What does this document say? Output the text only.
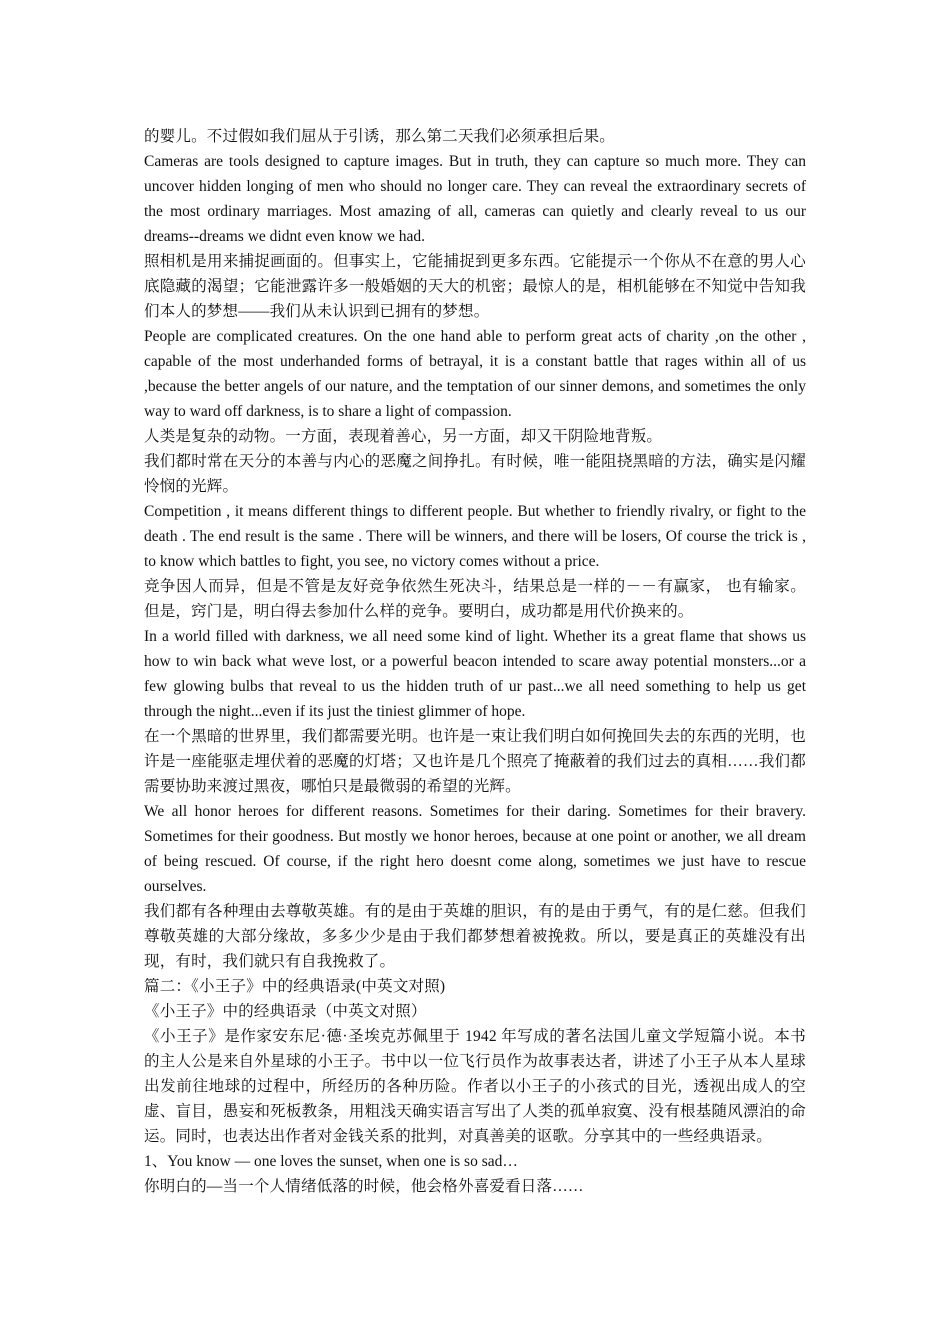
的婴儿。不过假如我们屈从于引诱，那么第二天我们必须承担后果。

Cameras are tools designed to capture images. But in truth, they can capture so much more. They can uncover hidden longing of men who should no longer care. They can reveal the extraordinary secrets of the most ordinary marriages. Most amazing of all, cameras can quietly and clearly reveal to us our dreams--dreams we didnt even know we had.

照相机是用来捕捉画面的。但事实上，它能捕捉到更多东西。它能提示一个你从不在意的男人心底隐藏的渴望；它能泄露许多一般婚姻的天大的机密；最惊人的是，相机能够在不知觉中告知我们本人的梦想——我们从未认识到已拥有的梦想。

People are complicated creatures. On the one hand able to perform great acts of charity ,on the other , capable of the most underhanded forms of betrayal, it is a constant battle that rages within all of us ,because the better angels of our nature, and the temptation of our sinner demons, and sometimes the only way to ward off darkness, is to share a light of compassion.

人类是复杂的动物。一方面，表现着善心，另一方面，却又干阴险地背叛。

我们都时常在天分的本善与内心的恶魔之间挣扎。有时候，唯一能阻挠黑暗的方法，确实是闪耀怜悯的光辉。

Competition , it means different things to different people. But whether to friendly rivalry, or fight to the death . The end result is the same . There will be winners, and there will be losers, Of course the trick is , to know which battles to fight, you see, no victory comes without a price.

竞争因人而异，但是不管是友好竞争依然生死决斗，结果总是一样的－－有赢家， 也有输家。但是，窍门是，明白得去参加什么样的竞争。要明白，成功都是用代价换来的。

In a world filled with darkness, we all need some kind of light. Whether its a great flame that shows us how to win back what weve lost, or a powerful beacon intended to scare away potential monsters...or a few glowing bulbs that reveal to us the hidden truth of ur past...we all need something to help us get through the night...even if its just the tiniest glimmer of hope.

在一个黑暗的世界里，我们都需要光明。也许是一束让我们明白如何挽回失去的东西的光明，也许是一座能驱走埋伏着的恶魔的灯塔；又也许是几个照亮了掩蔽着的我们过去的真相……我们都需要协助来渡过黑夜，哪怕只是最微弱的希望的光辉。

We all honor heroes for different reasons. Sometimes for their daring. Sometimes for their bravery. Sometimes for their goodness. But mostly we honor heroes, because at one point or another, we all dream of being rescued. Of course, if the right hero doesnt come along, sometimes we just have to rescue ourselves.

我们都有各种理由去尊敬英雄。有的是由于英雄的胆识，有的是由于勇气，有的是仁慈。但我们尊敬英雄的大部分缘故，多多少少是由于我们都梦想着被挽救。所以，要是真正的英雄没有出现，有时，我们就只有自我挽救了。

篇二：《小王子》中的经典语录(中英文对照)

《小王子》中的经典语录（中英文对照）

《小王子》是作家安东尼·德·圣埃克苏佩里于 1942 年写成的著名法国儿童文学短篇小说。本书的主人公是来自外星球的小王子。书中以一位飞行员作为故事表达者，讲述了小王子从本人星球出发前往地球的过程中，所经历的各种历险。作者以小王子的小孩式的目光，透视出成人的空虚、盲目，愚妄和死板教条，用粗浅天确实语言写出了人类的孤单寂寞、没有根基随风漂泊的命运。同时，也表达出作者对金钱关系的批判，对真善美的讴歌。分享其中的一些经典语录。

1、You know — one loves the sunset, when one is so sad…

你明白的—当一个人情绪低落的时候，他会格外喜爱看日落……
